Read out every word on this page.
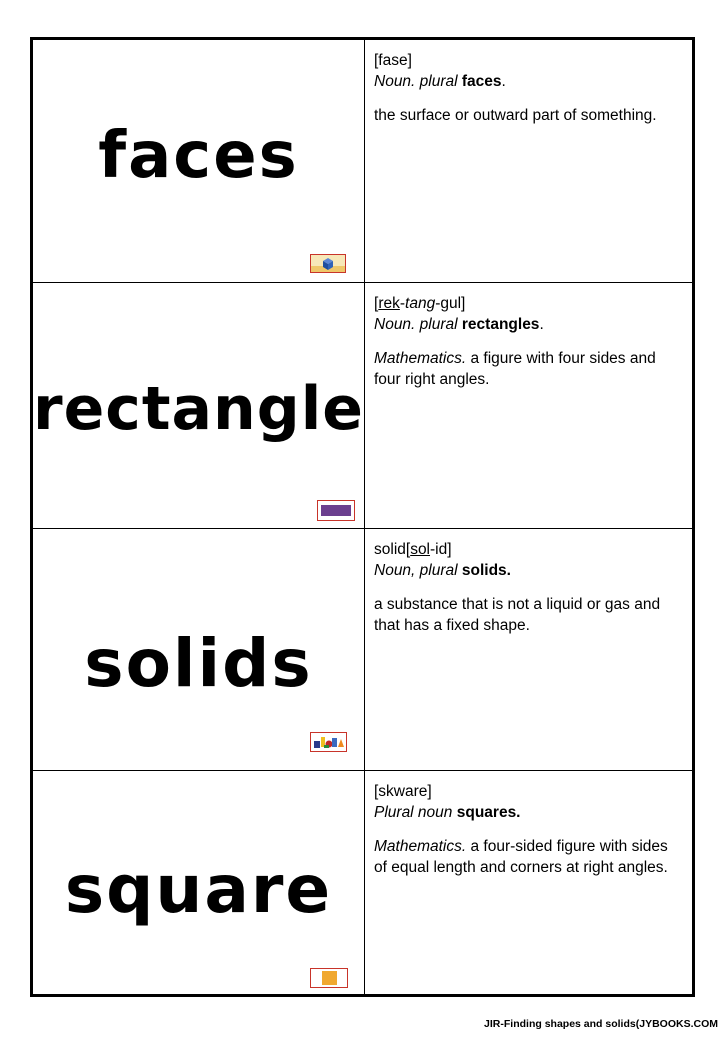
faces

[fase]

Noun. plural faces.

the surface or outward part of something.

rectangle

[rek-tang-gul]

Noun. plural rectangles.

Mathematics. a figure with four sides and four right angles.

solids

solid[sol-id]

Noun, plural solids.

a substance that is not a liquid or gas and that has a fixed shape.

square

[skware]

Plural noun squares.

Mathematics. a four-sided figure with sides of equal length and corners at right angles.

JIR-Finding shapes and solids(JYBOOKS.COM
